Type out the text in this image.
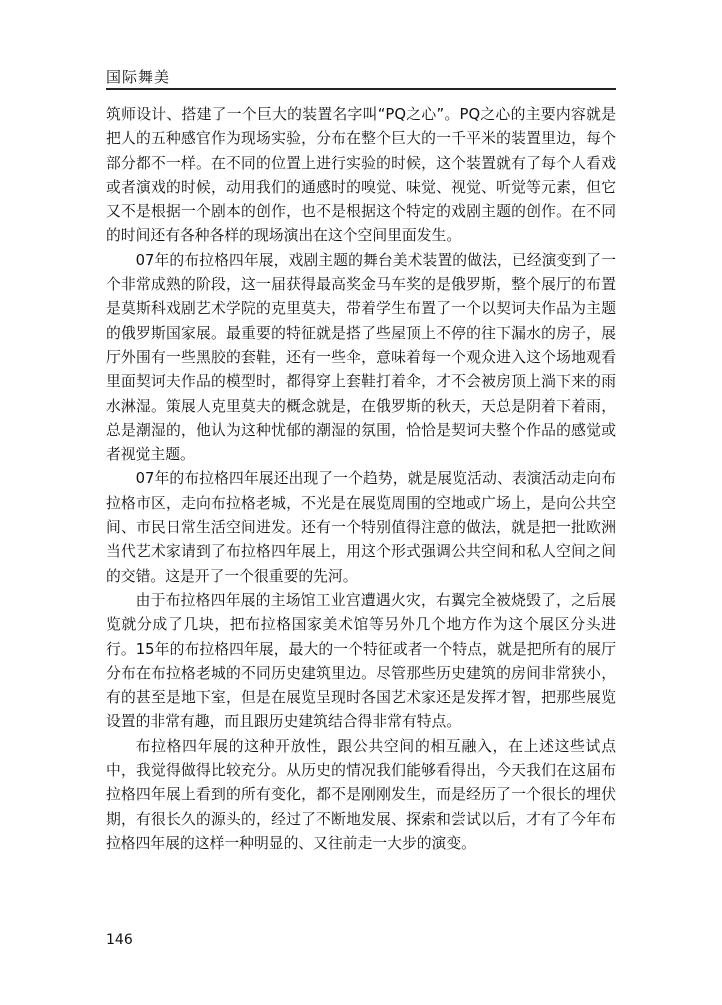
国际舞美

筑师设计、搭建了一个巨大的装置名字叫“PQ之心”。PQ之心的主要内容就是把人的五种感官作为现场实验，分布在整个巨大的一千平米的装置里边，每个部分都不一样。在不同的位置上进行实验的时候，这个装置就有了每个人看戏或者演戏的时候，动用我们的通感时的嗅觉、味觉、视觉、听觉等元素，但它又不是根据一个剧本的创作，也不是根据这个特定的戏剧主题的创作。在不同的时间还有各种各样的现场演出在这个空间里面发生。

07年的布拉格四年展，戏剧主题的舞台美术装置的做法，已经演变到了一个非常成熟的阶段，这一届获得最高奖金马车奖的是俄罗斯，整个展厅的布置是莫斯科戏剧艺术学院的克里莫夫，带着学生布置了一个以契诃夫作品为主题的俄罗斯国家展。最重要的特征就是搭了些屋顶上不停的往下漏水的房子，展厅外围有一些黑胶的套鞋，还有一些伞，意味着每一个观众进入这个场地观看里面契诃夫作品的模型时，都得穿上套鞋打着伞，才不会被房顶上淌下来的雨水淋湿。策展人克里莫夫的概念就是，在俄罗斯的秋天，天总是阴着下着雨，总是潮湿的，他认为这种忧郁的潮湿的氛围，恰恰是契诃夫整个作品的感觉或者视觉主题。

07年的布拉格四年展还出现了一个趋势，就是展览活动、表演活动走向布拉格市区，走向布拉格老城，不光是在展览周围的空地或广场上，是向公共空间、市民日常生活空间进发。还有一个特别值得注意的做法，就是把一批欧洲当代艺术家请到了布拉格四年展上，用这个形式强调公共空间和私人空间之间的交错。这是开了一个很重要的先河。

由于布拉格四年展的主场馆工业宫遭遇火灾，右翼完全被烧毁了，之后展览就分成了几块，把布拉格国家美术馆等另外几个地方作为这个展区分头进行。15年的布拉格四年展，最大的一个特征或者一个特点，就是把所有的展厅分布在布拉格老城的不同历史建筑里边。尽管那些历史建筑的房间非常狭小，有的甚至是地下室，但是在展览呈现时各国艺术家还是发挥才智，把那些展览设置的非常有趣，而且跟历史建筑结合得非常有特点。

布拉格四年展的这种开放性，跟公共空间的相互融入，在上述这些试点中，我觉得做得比较充分。从历史的情况我们能够看得出，今天我们在这届布拉格四年展上看到的所有变化，都不是刚刚发生，而是经历了一个很长的埋伏期，有很长久的源头的，经过了不断地发展、探索和尝试以后，才有了今年布拉格四年展的这样一种明显的、又往前走一大步的演变。

146
